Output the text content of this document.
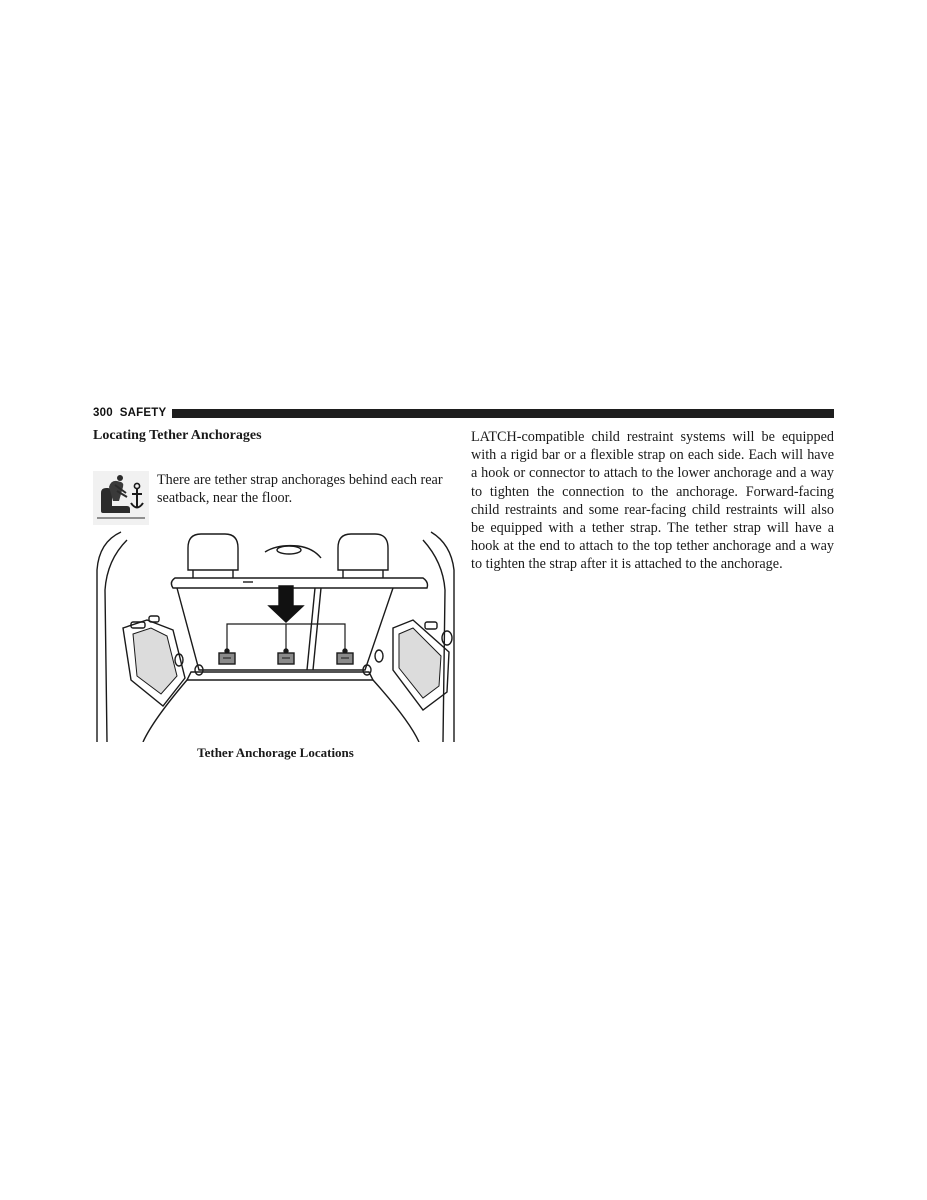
300 SAFETY
Locating Tether Anchorages

There are tether strap anchorages behind each rear seatback, near the floor.

Tether Anchorage Locations

LATCH-compatible child restraint systems will be equipped with a rigid bar or a flexible strap on each side. Each will have a hook or connector to attach to the lower anchorage and a way to tighten the connection to the anchorage. Forward-facing child restraints and some rear-facing child restraints will also be equipped with a tether strap. The tether strap will have a hook at the end to attach to the top tether anchorage and a way to tighten the strap after it is attached to the anchorage.
